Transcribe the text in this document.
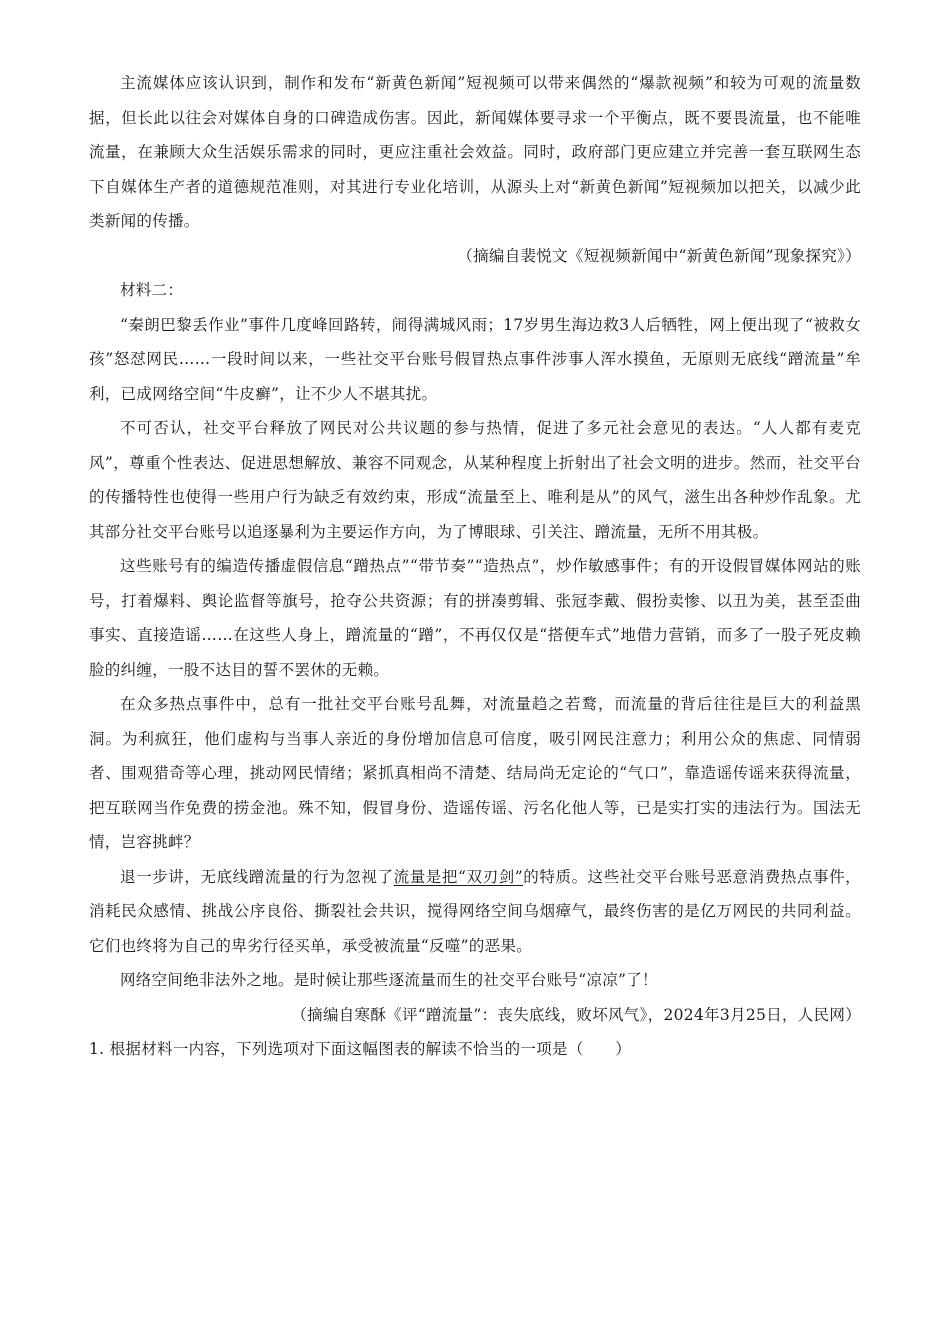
主流媒体应该认识到，制作和发布“新黄色新闻”短视频可以带来偶然的“爆款视频”和较为可观的流量数据，但长此以往会对媒体自身的口碑造成伤害。因此，新闻媒体要寻求一个平衡点，既不要畏流量，也不能唯流量，在兼顾大众生活娱乐需求的同时，更应注重社会效益。同时，政府部门更应建立并完善一套互联网生态下自媒体生产者的道德规范准则，对其进行专业化培训，从源头上对“新黄色新闻”短视频加以把关，以减少此类新闻的传播。

（摘编自裴悦文《短视频新闻中“新黄色新闻”现象探究》）

材料二：

“秦朗巴黎丢作业”事件几度峰回路转，闹得满城风雨；17岁男生海边救3人后牺牲，网上便出现了“被救女孩”怒怼网民……一段时间以来，一些社交平台账号假冒热点事件涉事人浑水摸鱼，无原则无底线“蹭流量”牟利，已成网络空间“牛皮癣”，让不少人不堪其扰。

不可否认，社交平台释放了网民对公共议题的参与热情，促进了多元社会意见的表达。“人人都有麦克风”，尊重个性表达、促进思想解放、兼容不同观念，从某种程度上折射出了社会文明的进步。然而，社交平台的传播特性也使得一些用户行为缺乏有效约束，形成“流量至上、唯利是从”的风气，滋生出各种炒作乱象。尤其部分社交平台账号以追逐暴利为主要运作方向，为了博眼球、引关注、蹭流量，无所不用其极。

这些账号有的编造传播虚假信息“蹭热点”“带节奏”“造热点”，炒作敏感事件；有的开设假冒媒体网站的账号，打着爆料、舆论监督等旗号，抢夺公共资源；有的拼凑剪辑、张冠李戴、假扮卖惨、以丑为美，甚至歪曲事实、直接造谣……在这些人身上，蹭流量的“蹭”，不再仅仅是“搭便车式”地借力营销，而多了一股子死皮赖脸的纠缠，一股不达目的誓不罢休的无赖。

在众多热点事件中，总有一批社交平台账号乱舞，对流量趋之若鹜，而流量的背后往往是巨大的利益黑洞。为利疯狂，他们虚构与当事人亲近的身份增加信息可信度，吸引网民注意力；利用公众的焦虑、同情弱者、围观猎奇等心理，挑动网民情绪；紧抓真相尚不清楚、结局尚无定论的“气口”，靠造谣传谣来获得流量，把互联网当作免费的捞金池。殊不知，假冒身份、造谣传谣、污名化他人等，已是实打实的违法行为。国法无情，岂容挑衅？

退一步讲，无底线蹭流量的行为忽视了流量是把“双刃剑”的特质。这些社交平台账号恶意消费热点事件，消耗民众感情、挑战公序良俗、撕裂社会共识，搅得网络空间乌烟瘴气，最终伤害的是亿万网民的共同利益。它们也终将为自己的卑劣行径买单，承受被流量“反噬”的恶果。

网络空间绝非法外之地。是时候让那些逐流量而生的社交平台账号“凉凉”了！

（摘编自寒酥《评“蹭流量”：丧失底线，败坏风气》，2024年3月25日，人民网）

1. 根据材料一内容，下列选项对下面这幅图表的解读不恰当的一项是（　　）
